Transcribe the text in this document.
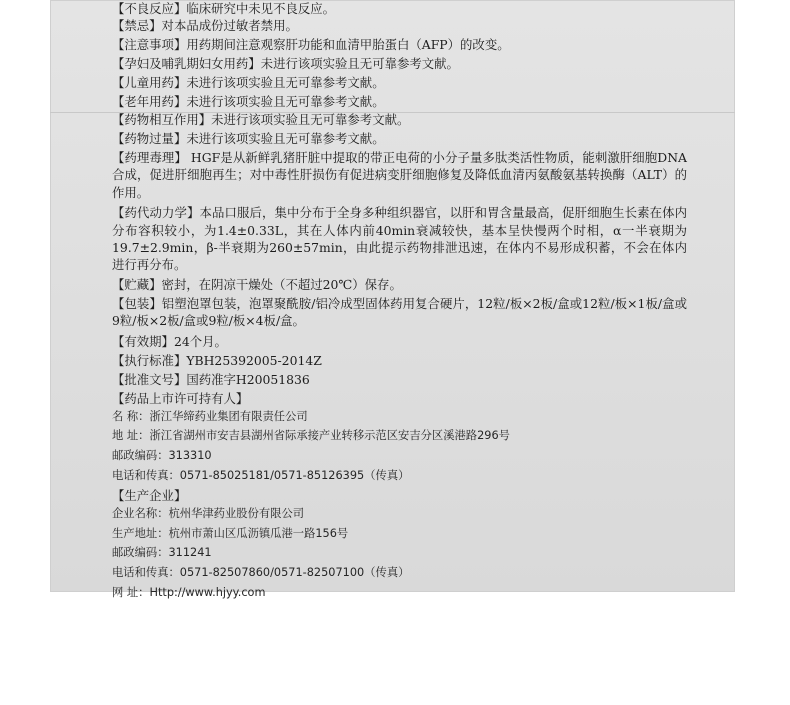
【不良反应】临床研究中未见不良反应。
【禁忌】对本品成份过敏者禁用。
【注意事项】用药期间注意观察肝功能和血清甲胎蛋白（AFP）的改变。
【孕妇及哺乳期妇女用药】未进行该项实验且无可靠参考文献。
【儿童用药】未进行该项实验且无可靠参考文献。
【老年用药】未进行该项实验且无可靠参考文献。
【药物相互作用】未进行该项实验且无可靠参考文献。
【药物过量】未进行该项实验且无可靠参考文献。
【药理毒理】 HGF是从新鲜乳猪肝脏中提取的带正电荷的小分子量多肽类活性物质，能刺激肝细胞DNA合成，促进肝细胞再生；对中毒性肝损伤有促进病变肝细胞修复及降低血清丙氨酸氨基转换酶（ALT）的作用。
【药代动力学】本品口服后，集中分布于全身多种组织器官，以肝和胃含量最高，促肝细胞生长素在体内分布容积较小，为1.4±0.33L，其在人体内前40min衰减较快，基本呈快慢两个时相，α一半衰期为19.7±2.9min，β-半衰期为260±57min，由此提示药物排泄迅速，在体内不易形成积蓄，不会在体内进行再分布。
【贮藏】密封，在阴凉干燥处（不超过20℃）保存。
【包装】铝塑泡罩包装，泡罩聚酰胺/铝冷成型固体药用复合硬片，12粒/板×2板/盒或12粒/板×1板/盒或9粒/板×2板/盒或9粒/板×4板/盒。
【有效期】24个月。
【执行标准】YBH25392005-2014Z
【批准文号】国药准字H20051836
【药品上市许可持有人】
名 称：浙江华缔药业集团有限责任公司
地 址：浙江省湖州市安吉县湖州省际承接产业转移示范区安吉分区溪港路296号
邮政编码：313310
电话和传真：0571-85025181/0571-85126395（传真）
【生产企业】
企业名称：杭州华津药业股份有限公司
生产地址：杭州市萧山区瓜沥镇瓜港一路156号
邮政编码：311241
电话和传真：0571-82507860/0571-82507100（传真）
网 址：Http://www.hjyy.com
